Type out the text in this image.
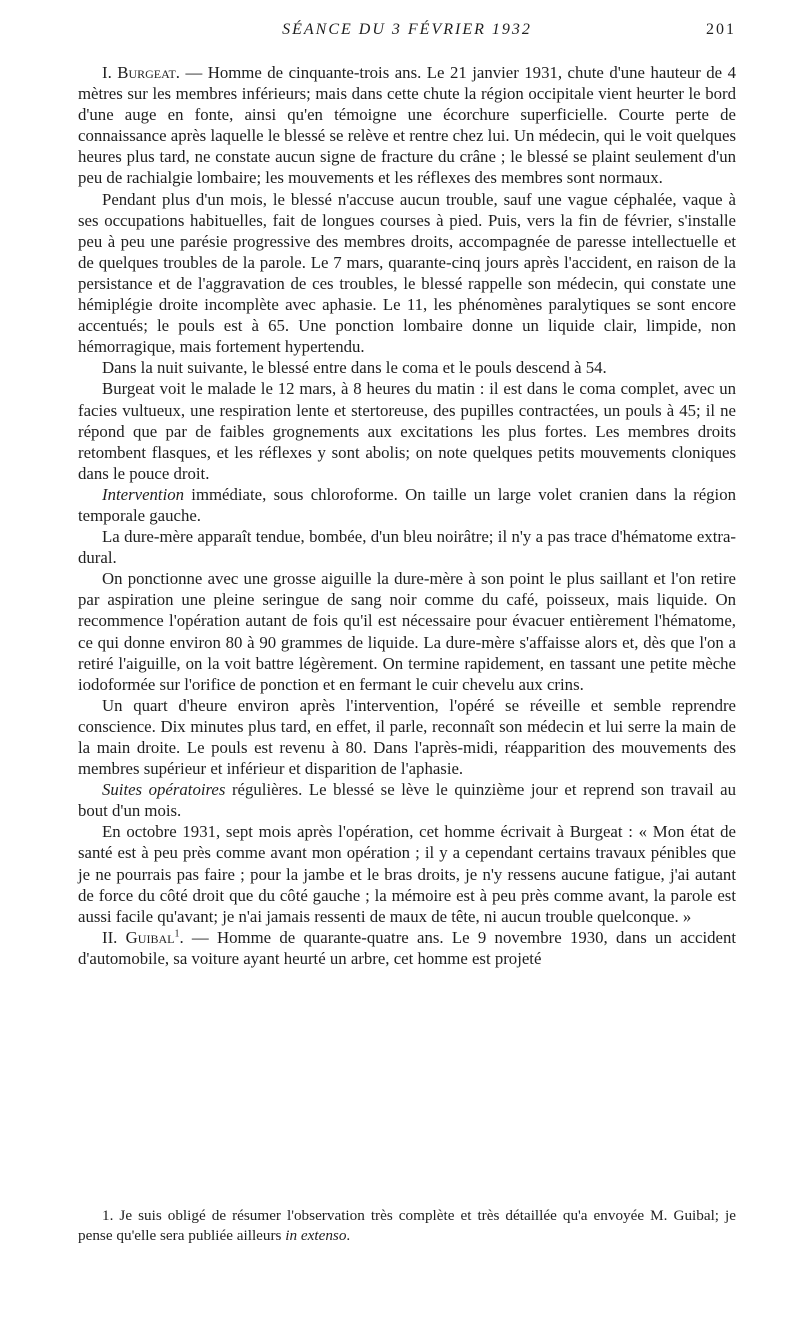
SÉANCE DU 3 FÉVRIER 1932	201

I. Burgeat. — Homme de cinquante-trois ans. Le 21 janvier 1931, chute d'une hauteur de 4 mètres sur les membres inférieurs; mais dans cette chute la région occipitale vient heurter le bord d'une auge en fonte, ainsi qu'en témoigne une écorchure superficielle. Courte perte de connaissance après laquelle le blessé se relève et rentre chez lui. Un médecin, qui le voit quelques heures plus tard, ne constate aucun signe de fracture du crâne ; le blessé se plaint seulement d'un peu de rachialgie lombaire; les mouvements et les réflexes des membres sont normaux.

Pendant plus d'un mois, le blessé n'accuse aucun trouble, sauf une vague céphalée, vaque à ses occupations habituelles, fait de longues courses à pied. Puis, vers la fin de février, s'installe peu à peu une parésie progressive des membres droits, accompagnée de paresse intellectuelle et de quelques troubles de la parole. Le 7 mars, quarante-cinq jours après l'accident, en raison de la persistance et de l'aggravation de ces troubles, le blessé rappelle son médecin, qui constate une hémiplégie droite incomplète avec aphasie. Le 11, les phénomènes paralytiques se sont encore accentués; le pouls est à 65. Une ponction lombaire donne un liquide clair, limpide, non hémorragique, mais fortement hypertendu.

Dans la nuit suivante, le blessé entre dans le coma et le pouls descend à 54.

Burgeat voit le malade le 12 mars, à 8 heures du matin : il est dans le coma complet, avec un facies vultueux, une respiration lente et stertoreuse, des pupilles contractées, un pouls à 45; il ne répond que par de faibles grognements aux excitations les plus fortes. Les membres droits retombent flasques, et les réflexes y sont abolis; on note quelques petits mouvements cloniques dans le pouce droit.

Intervention immédiate, sous chloroforme. On taille un large volet cranien dans la région temporale gauche.

La dure-mère apparaît tendue, bombée, d'un bleu noirâtre; il n'y a pas trace d'hématome extra-dural.

On ponctionne avec une grosse aiguille la dure-mère à son point le plus saillant et l'on retire par aspiration une pleine seringue de sang noir comme du café, poisseux, mais liquide. On recommence l'opération autant de fois qu'il est nécessaire pour évacuer entièrement l'hématome, ce qui donne environ 80 à 90 grammes de liquide. La dure-mère s'affaisse alors et, dès que l'on a retiré l'aiguille, on la voit battre légèrement. On termine rapidement, en tassant une petite mèche iodoformée sur l'orifice de ponction et en fermant le cuir chevelu aux crins.

Un quart d'heure environ après l'intervention, l'opéré se réveille et semble reprendre conscience. Dix minutes plus tard, en effet, il parle, reconnaît son médecin et lui serre la main de la main droite. Le pouls est revenu à 80. Dans l'après-midi, réapparition des mouvements des membres supérieur et inférieur et disparition de l'aphasie.

Suites opératoires régulières. Le blessé se lève le quinzième jour et reprend son travail au bout d'un mois.

En octobre 1931, sept mois après l'opération, cet homme écrivait à Burgeat : « Mon état de santé est à peu près comme avant mon opération ; il y a cependant certains travaux pénibles que je ne pourrais pas faire ; pour la jambe et le bras droits, je n'y ressens aucune fatigue, j'ai autant de force du côté droit que du côté gauche ; la mémoire est à peu près comme avant, la parole est aussi facile qu'avant; je n'ai jamais ressenti de maux de tête, ni aucun trouble quelconque. »

II. Guibal$^1$. — Homme de quarante-quatre ans. Le 9 novembre 1930, dans un accident d'automobile, sa voiture ayant heurté un arbre, cet homme est projeté

1. Je suis obligé de résumer l'observation très complète et très détaillée qu'a envoyée M. Guibal; je pense qu'elle sera publiée ailleurs in extenso.
